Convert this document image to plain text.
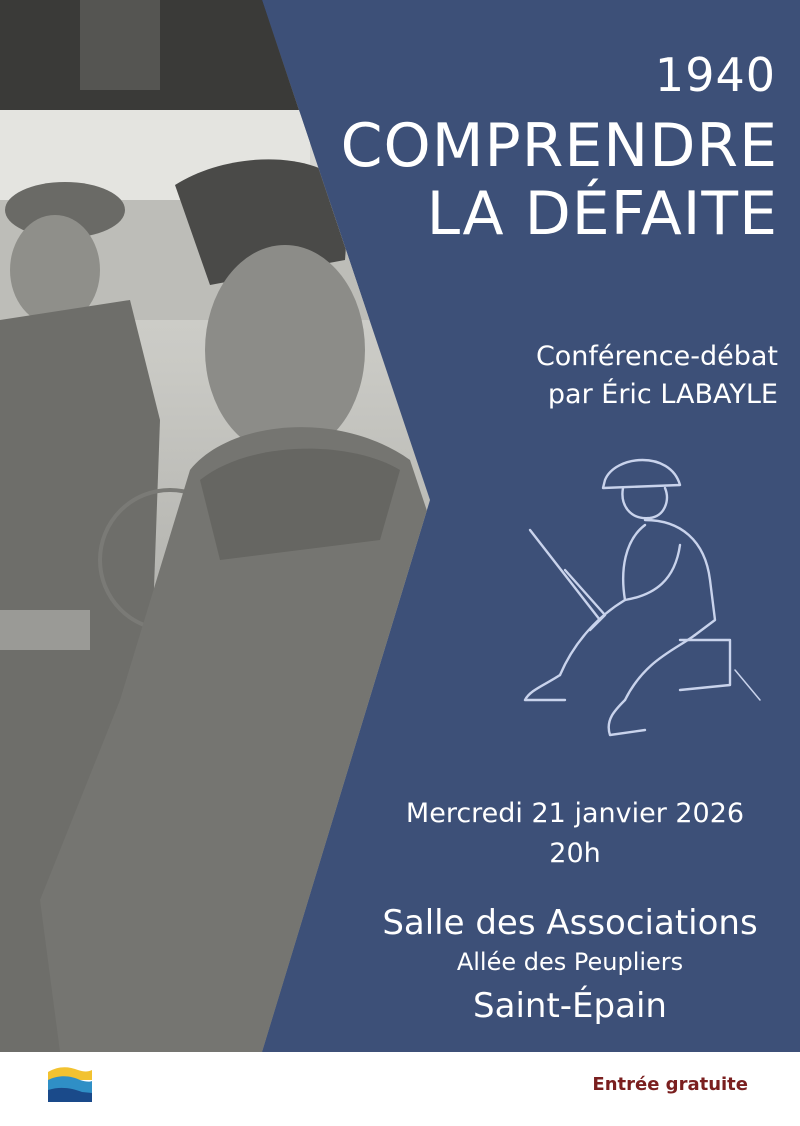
1940
COMPRENDRE
LA DÉFAITE
Conférence-débat
par Éric LABAYLE
Mercredi 21 janvier 2026
20h
Salle des Associations
Allée des Peupliers
Saint-Épain
Entrée gratuite
